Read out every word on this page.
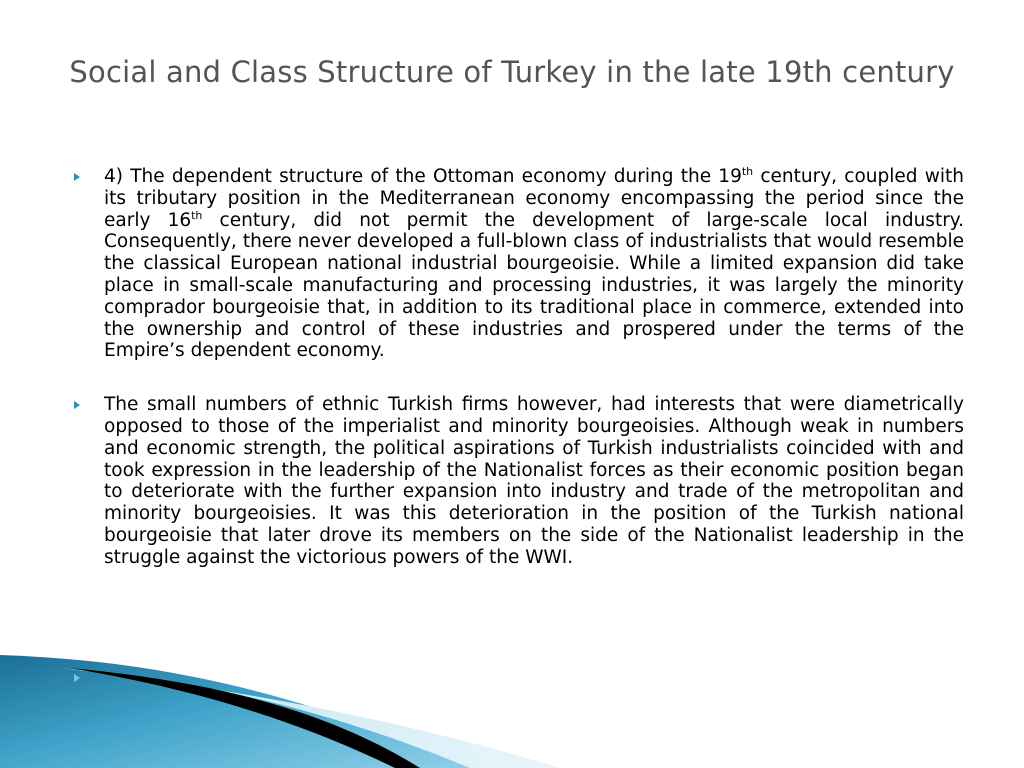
Social and Class Structure of Turkey in the late 19th century
4) The dependent structure of the Ottoman economy during the 19th century, coupled with its tributary position in the Mediterranean economy encompassing the period since the early 16th century, did not permit the development of large-scale local industry. Consequently, there never developed a full-blown class of industrialists that would resemble the classical European national industrial bourgeoisie. While a limited expansion did take place in small-scale manufacturing and processing industries, it was largely the minority comprador bourgeoisie that, in addition to its traditional place in commerce, extended into the ownership and control of these industries and prospered under the terms of the Empire’s dependent economy.
The small numbers of ethnic Turkish firms however, had interests that were diametrically opposed to those of the imperialist and minority bourgeoisies. Although weak in numbers and economic strength, the political aspirations of Turkish industrialists coincided with and took expression in the leadership of the Nationalist forces as their economic position began to deteriorate with the further expansion into industry and trade of the metropolitan and minority bourgeoisies. It was this deterioration in the position of the Turkish national bourgeoisie that later drove its members on the side of the Nationalist leadership in the struggle against the victorious powers of the WWI.
